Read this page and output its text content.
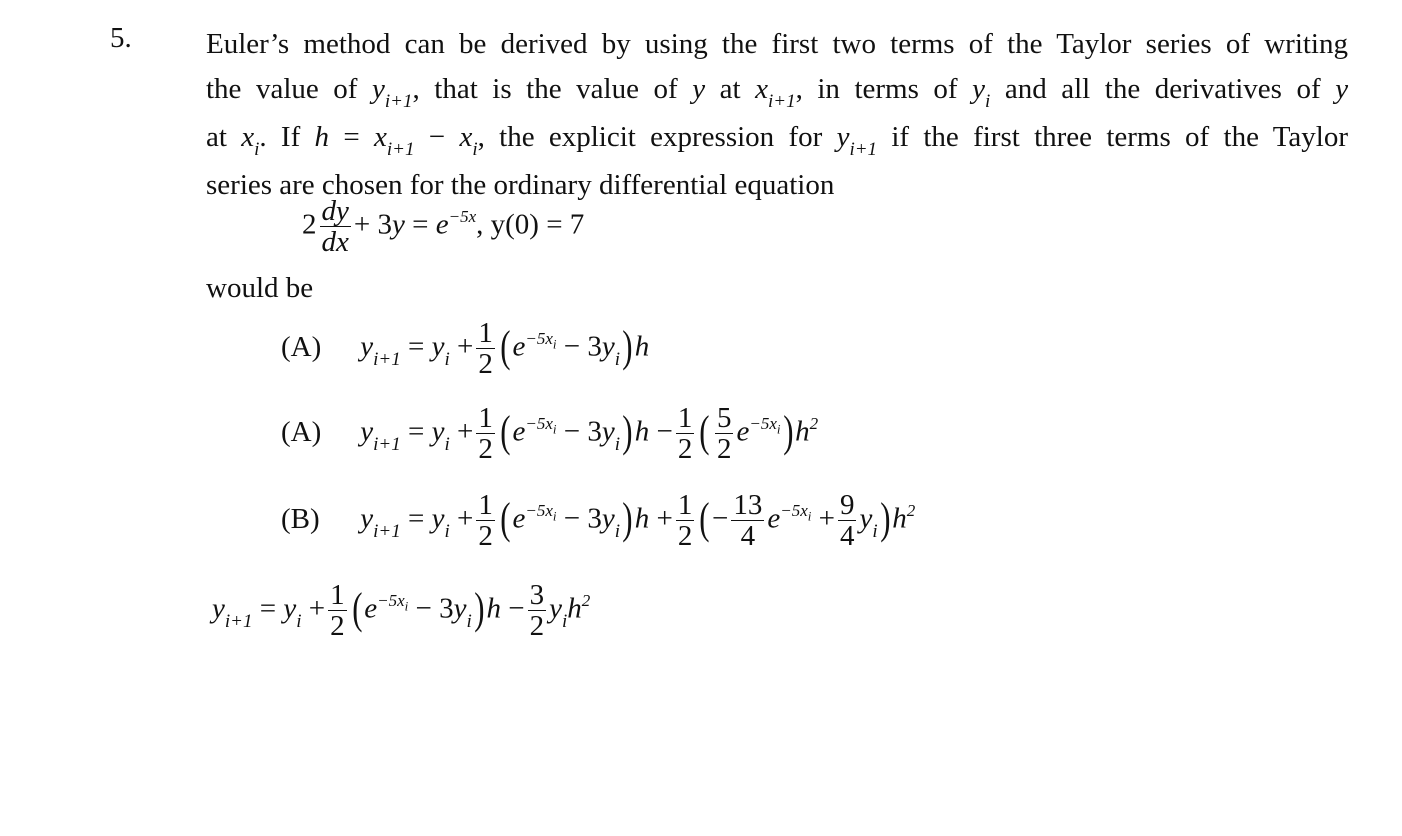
5.	Euler’s method can be derived by using the first two terms of the Taylor series of writing
the value of $y_{i+1}$, that is the value of y at $x_{i+1}$, in terms of $y_i$ and all the derivatives of y
at $x_i$. If $h = x_{i+1} - x_i$, the explicit expression for $y_{i+1}$ if the first three terms of the Taylor
series are chosen for the ordinary differential equation
$2 \frac{dy}{dx} + 3y = e^{-5x}$, y(0) = 7
would be
(A) $y_{i+1} = y_i + \frac{1}{2} (e^{-5x_i} - 3y_i)h$
(A) $y_{i+1} = y_i + \frac{1}{2} (e^{-5x_i} - 3y_i)h - \frac{1}{2}$ ( $\frac{5}{2} e^{-5x_i})h^2$
(B) $y_{i+1} = y_i + \frac{1}{2} (e^{-5x_i} - 3y_i)h + \frac{1}{2}$ (− $\frac{13}{4} e^{-5x_i} + \frac{9}{4} y_i)h^2$
$y_{i+1} = y_i + \frac{1}{2} (e^{-5x_i} - 3y_i)h - \frac{3}{2} y_ih^2$
